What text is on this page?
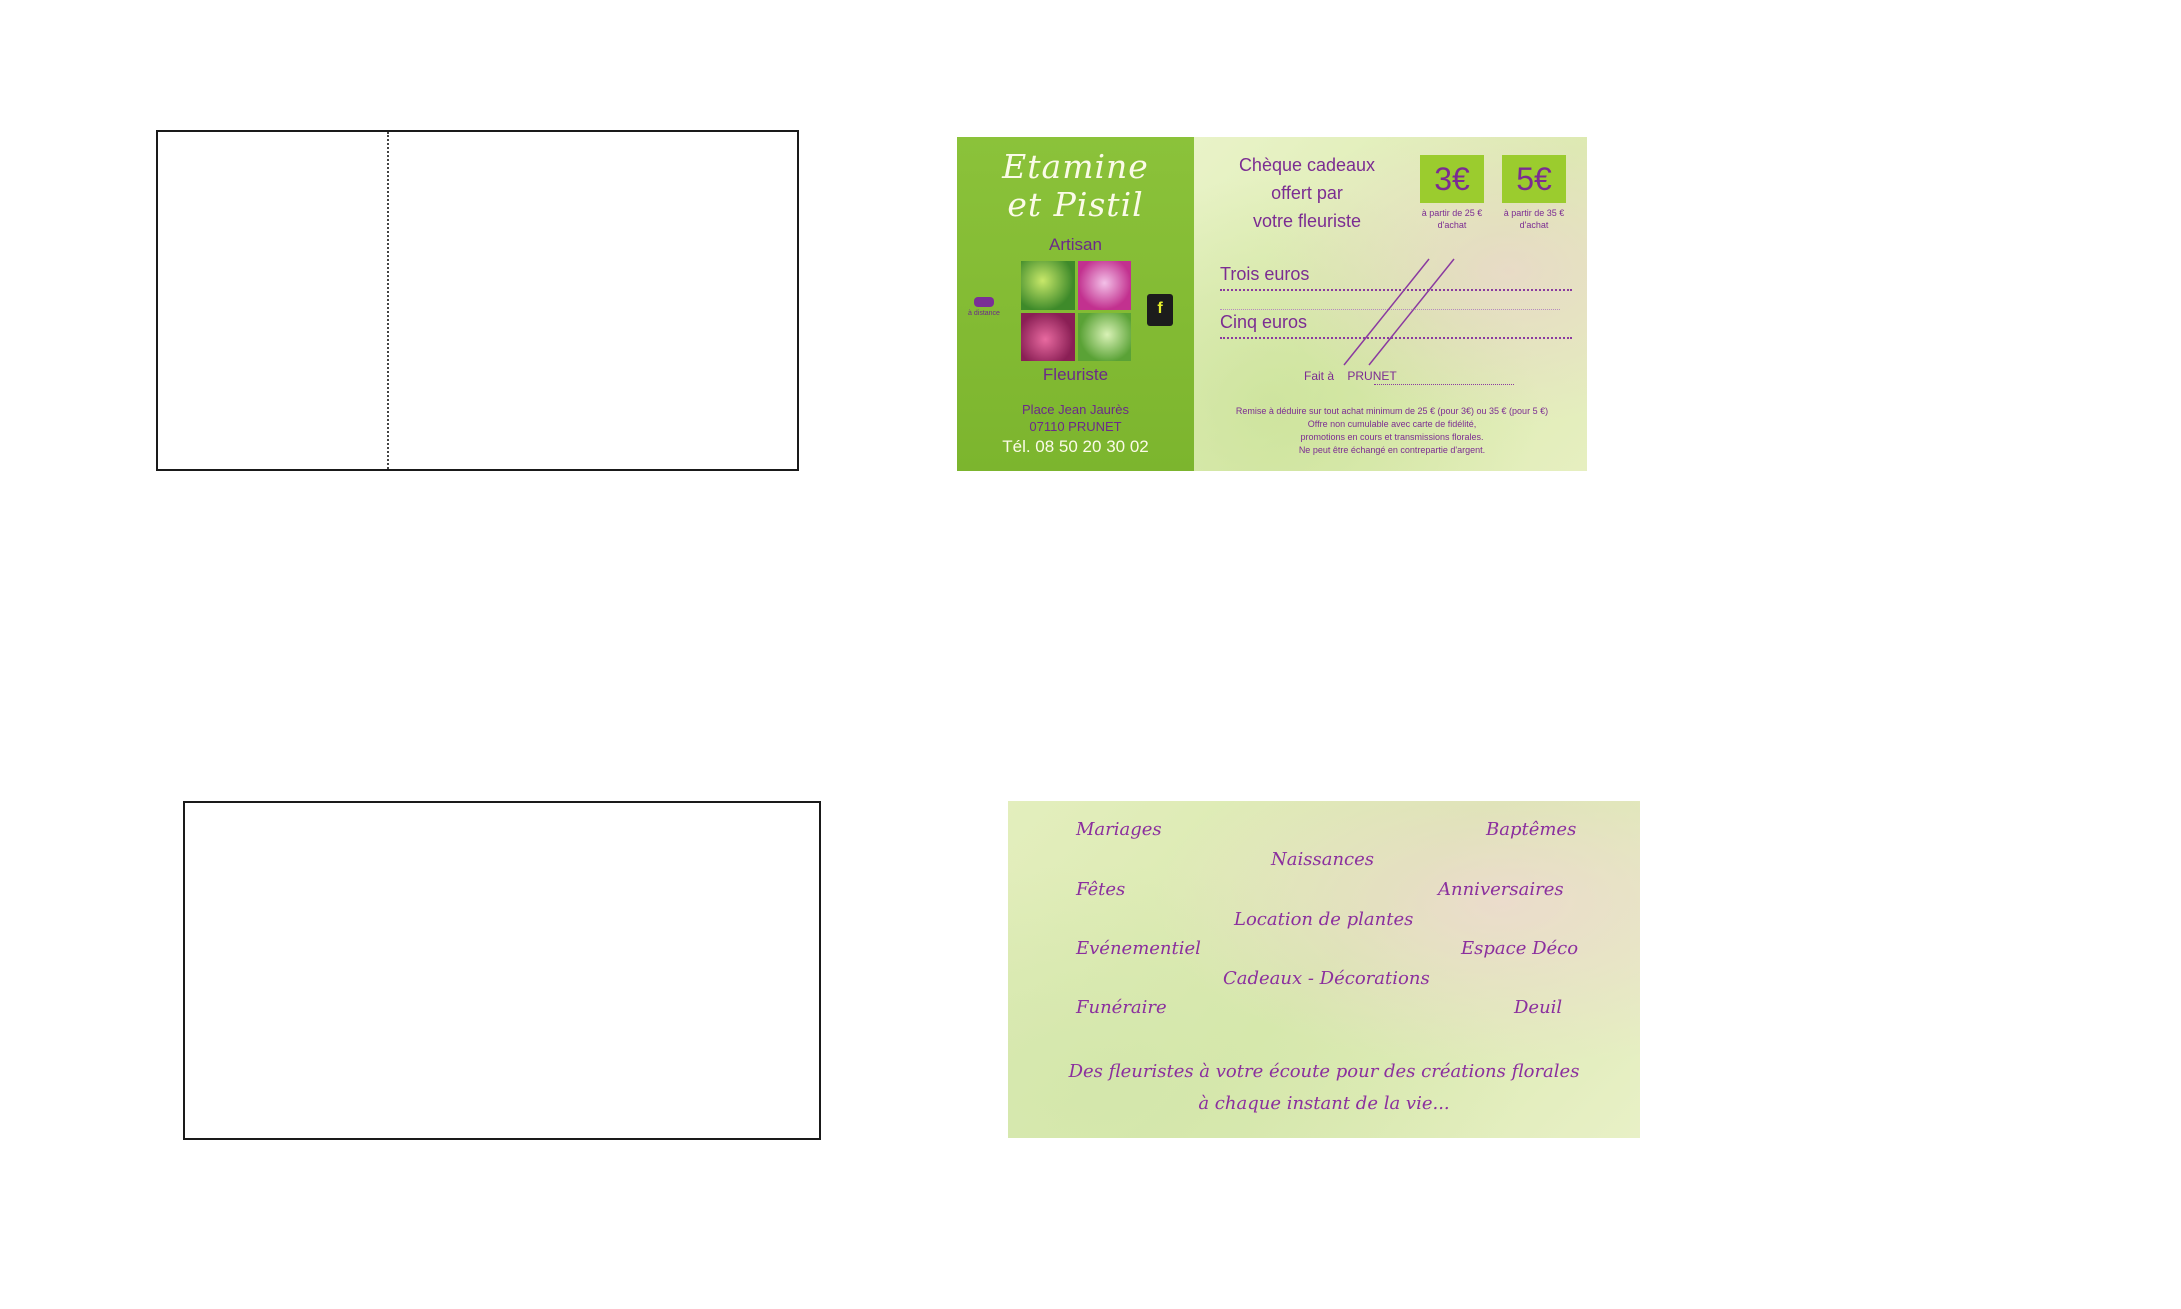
Etamine
et Pistil
Artisan
à distance	f
Fleuriste
Place Jean Jaurès
07110 PRUNET
Tél. 08 50 20 30 02
Chèque cadeaux
offert par
votre fleuriste
3€
à partir de 25 € d'achat
5€
à partir de 35 € d'achat
Trois euros
Cinq euros
Fait à PRUNET
Remise à déduire sur tout achat minimum de 25 € (pour 3€) ou 35 € (pour 5 €)
Offre non cumulable avec carte de fidélité,
promotions en cours et transmissions florales.
Ne peut être échangé en contrepartie d'argent.
Mariages	Baptêmes
Naissances
Fêtes	Anniversaires
Location de plantes
Evénementiel	Espace Déco
Cadeaux - Décorations
Funéraire	Deuil
Des fleuristes à votre écoute pour des créations florales
à chaque instant de la vie...
